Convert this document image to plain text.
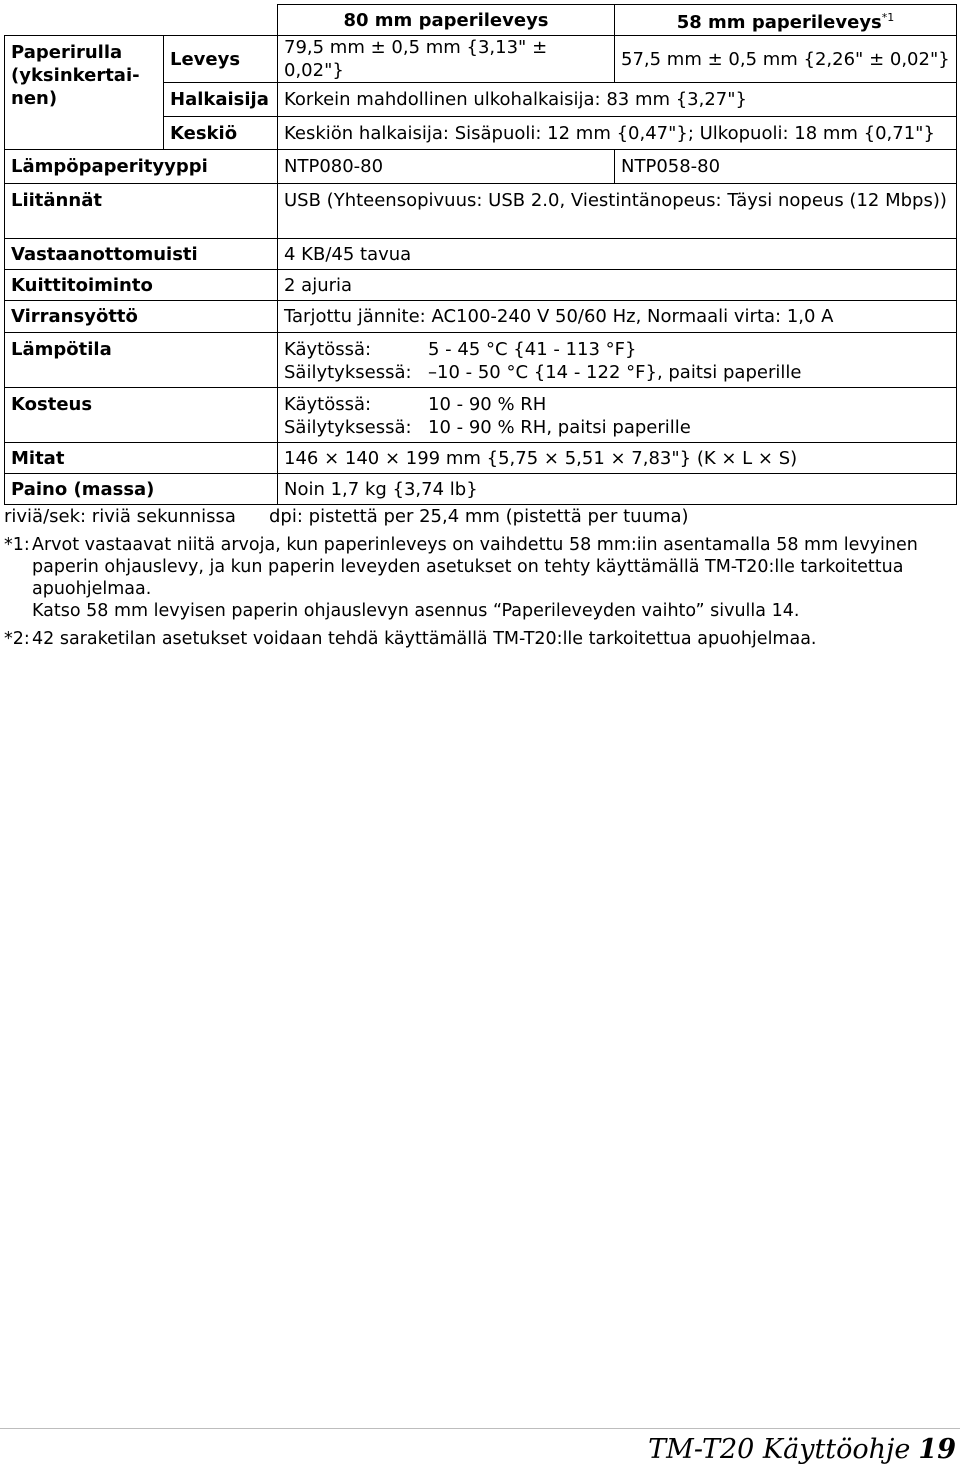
		80 mm paperileveys	58 mm paperileveys$^{*1}$
Paperirulla (yksinkertai-nen)	Leveys	79,5 mm ± 0,5 mm {3,13" ± 0,02"}	57,5 mm ± 0,5 mm {2,26" ± 0,02"}
	Halkaisija	Korkein mahdollinen ulkohalkaisija: 83 mm {3,27"}	
	Keskiö	Keskiön halkaisija: Sisäpuoli: 12 mm {0,47"}; Ulkopuoli: 18 mm {0,71"}	
Lämpöpaperityyppi		NTP080-80	NTP058-80
Liitännät		USB (Yhteensopivuus: USB 2.0, Viestintänopeus: Täysi nopeus (12 Mbps))	
Vastaanottomuisti		4 KB/45 tavua	
Kuittitoiminto		2 ajuria	
Virransyöttö		Tarjottu jännite: AC100-240 V 50/60 Hz, Normaali virta: 1,0 A	
Lämpötila		Käytössä: 5 - 45 °C {41 - 113 °F}
Säilytyksessä: –10 - 50 °C {14 - 122 °F}, paitsi paperille	

Kosteus		Käytössä: 10 - 90 % RH
Säilytyksessä: 10 - 90 % RH, paitsi paperille	

Mitat		146 × 140 × 199 mm {5,75 × 5,51 × 7,83"} (K × L × S)	
Paino (massa)		Noin 1,7 kg {3,74 lb}	
riviä/sek: riviä sekunnissa dpi: pistettä per 25,4 mm (pistettä per tuuma)

*1: Arvot vastaavat niitä arvoja, kun paperinleveys on vaihdettu 58 mm:iin asentamalla 58 mm levyinen paperin ohjauslevy, ja kun paperin leveyden asetukset on tehty käyttämällä TM-T20:lle tarkoitettua apuohjelmaa.
Katso 58 mm levyisen paperin ohjauslevyn asennus “Paperileveyden vaihto” sivulla 14.

*2: 42 saraketilan asetukset voidaan tehdä käyttämällä TM-T20:lle tarkoitettua apuohjelmaa.

TM-T20 Käyttöohje 19
